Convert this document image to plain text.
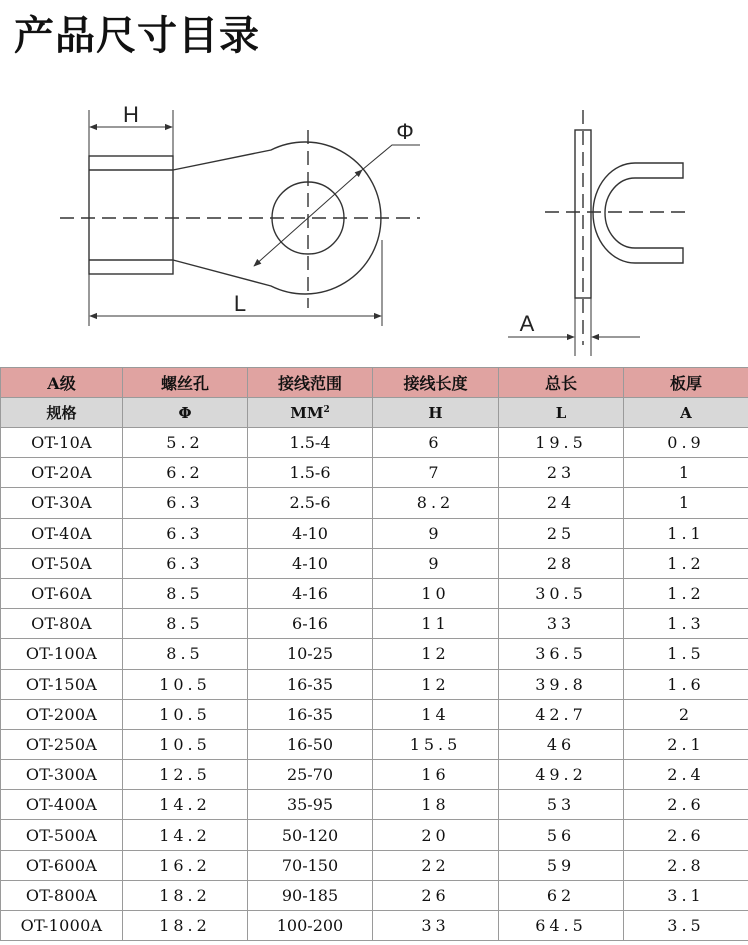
产品尺寸目录
H
L
Φ
A
A级	螺丝孔	接线范围	接线长度	总长	板厚
规格	Φ	$MM^2$	H	L	A
OT-10A	5.2	1.5-4	6	19.5	0.9
OT-20A	6.2	1.5-6	7	23	1
OT-30A	6.3	2.5-6	8.2	24	1
OT-40A	6.3	4-10	9	25	1.1
OT-50A	6.3	4-10	9	28	1.2
OT-60A	8.5	4-16	10	30.5	1.2
OT-80A	8.5	6-16	11	33	1.3
OT-100A	8.5	10-25	12	36.5	1.5
OT-150A	10.5	16-35	12	39.8	1.6
OT-200A	10.5	16-35	14	42.7	2
OT-250A	10.5	16-50	15.5	46	2.1
OT-300A	12.5	25-70	16	49.2	2.4
OT-400A	14.2	35-95	18	53	2.6
OT-500A	14.2	50-120	20	56	2.6
OT-600A	16.2	70-150	22	59	2.8
OT-800A	18.2	90-185	26	62	3.1
OT-1000A	18.2	100-200	33	64.5	3.5
